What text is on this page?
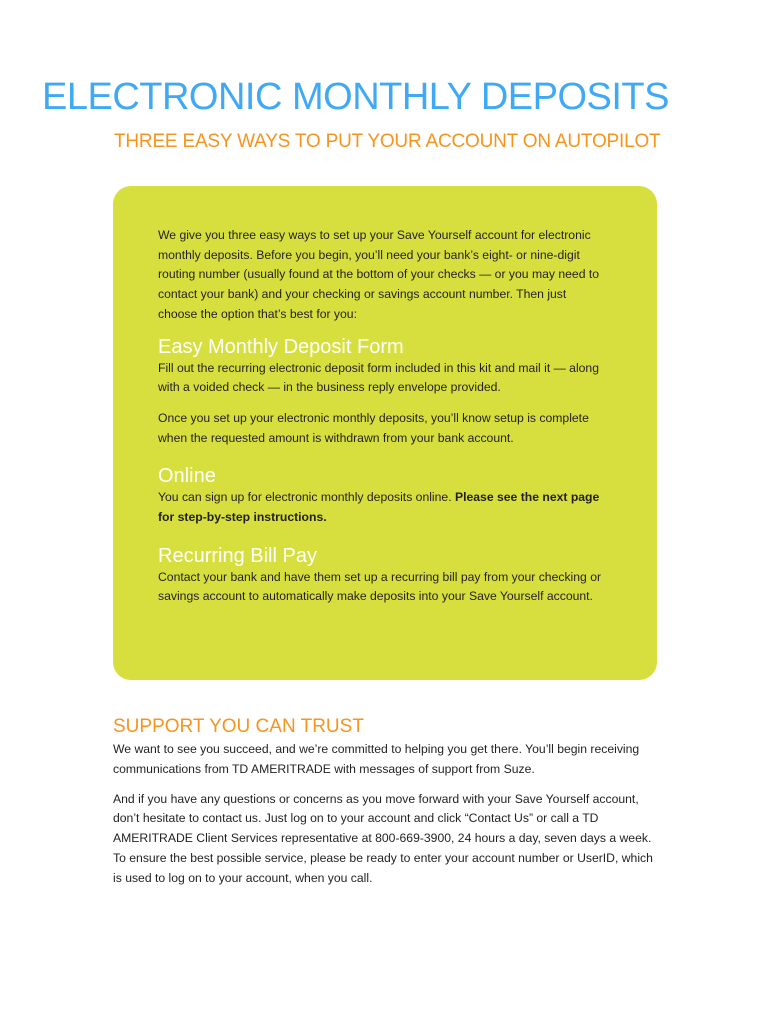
ELECTRONIC MONTHLY DEPOSITS
THREE EASY WAYS TO PUT YOUR ACCOUNT ON AUTOPILOT

We give you three easy ways to set up your Save Yourself account for electronic monthly deposits. Before you begin, you’ll need your bank’s eight- or nine-digit routing number (usually found at the bottom of your checks — or you may need to contact your bank) and your checking or savings account number. Then just choose the option that’s best for you:

Easy Monthly Deposit Form

Fill out the recurring electronic deposit form included in this kit and mail it — along with a voided check — in the business reply envelope provided.

Once you set up your electronic monthly deposits, you’ll know setup is complete when the requested amount is withdrawn from your bank account.

Online

You can sign up for electronic monthly deposits online. Please see the next page for step-by-step instructions.

Recurring Bill Pay

Contact your bank and have them set up a recurring bill pay from your checking or savings account to automatically make deposits into your Save Yourself account.

SUPPORT YOU CAN TRUST

We want to see you succeed, and we’re committed to helping you get there. You’ll begin receiving communications from TD AMERITRADE with messages of support from Suze.

And if you have any questions or concerns as you move forward with your Save Yourself account, don’t hesitate to contact us. Just log on to your account and click “Contact Us” or call a TD AMERITRADE Client Services representative at 800-669-3900, 24 hours a day, seven days a week. To ensure the best possible service, please be ready to enter your account number or UserID, which is used to log on to your account, when you call.
